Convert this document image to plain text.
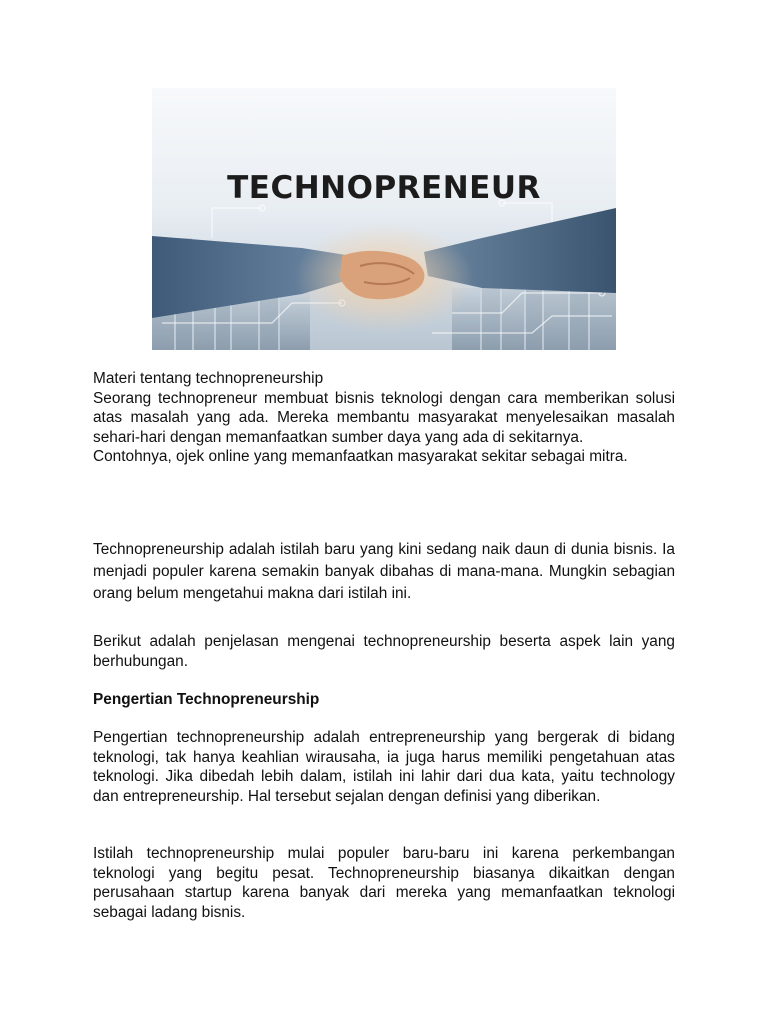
TECHNOPRENEUR

Materi tentang technopreneurship

Seorang technopreneur membuat bisnis teknologi dengan cara memberikan solusi atas masalah yang ada. Mereka membantu masyarakat menyelesaikan masalah sehari-hari dengan memanfaatkan sumber daya yang ada di sekitarnya.

Contohnya, ojek online yang memanfaatkan masyarakat sekitar sebagai mitra.

Technopreneurship adalah istilah baru yang kini sedang naik daun di dunia bisnis. Ia menjadi populer karena semakin banyak dibahas di mana-mana. Mungkin sebagian orang belum mengetahui makna dari istilah ini.
Berikut adalah penjelasan mengenai technopreneurship beserta aspek lain yang berhubungan.
Pengertian Technopreneurship
Pengertian technopreneurship adalah entrepreneurship yang bergerak di bidang teknologi, tak hanya keahlian wirausaha, ia juga harus memiliki pengetahuan atas teknologi. Jika dibedah lebih dalam, istilah ini lahir dari dua kata, yaitu technology dan entrepreneurship. Hal tersebut sejalan dengan definisi yang diberikan.
Istilah technopreneurship mulai populer baru-baru ini karena perkembangan teknologi yang begitu pesat. Technopreneurship biasanya dikaitkan dengan perusahaan startup karena banyak dari mereka yang memanfaatkan teknologi sebagai ladang bisnis.
